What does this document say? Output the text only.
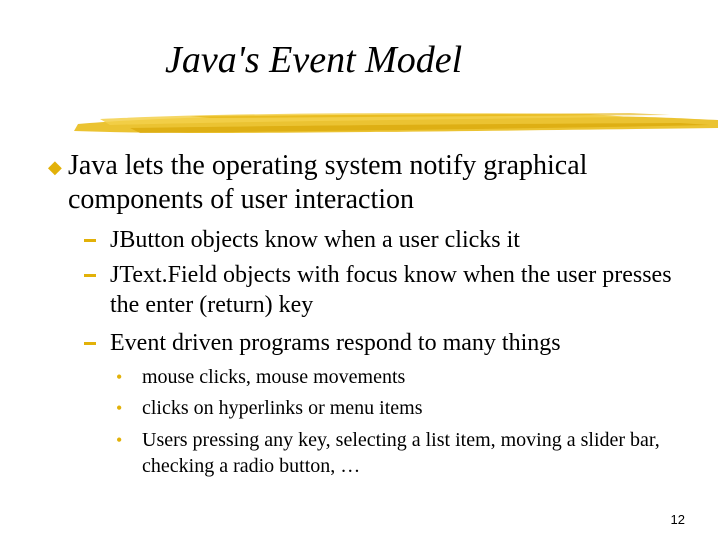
Java's Event Model
◆ Java lets the operating system notify graphical components of user interaction
JButton objects know when a user clicks it
JText.Field objects with focus know when the user presses the enter (return) key
Event driven programs respond to many things
• mouse clicks, mouse movements
• clicks on hyperlinks or menu items
• Users pressing any key, selecting a list item, moving a slider bar, checking a radio button, …
12
